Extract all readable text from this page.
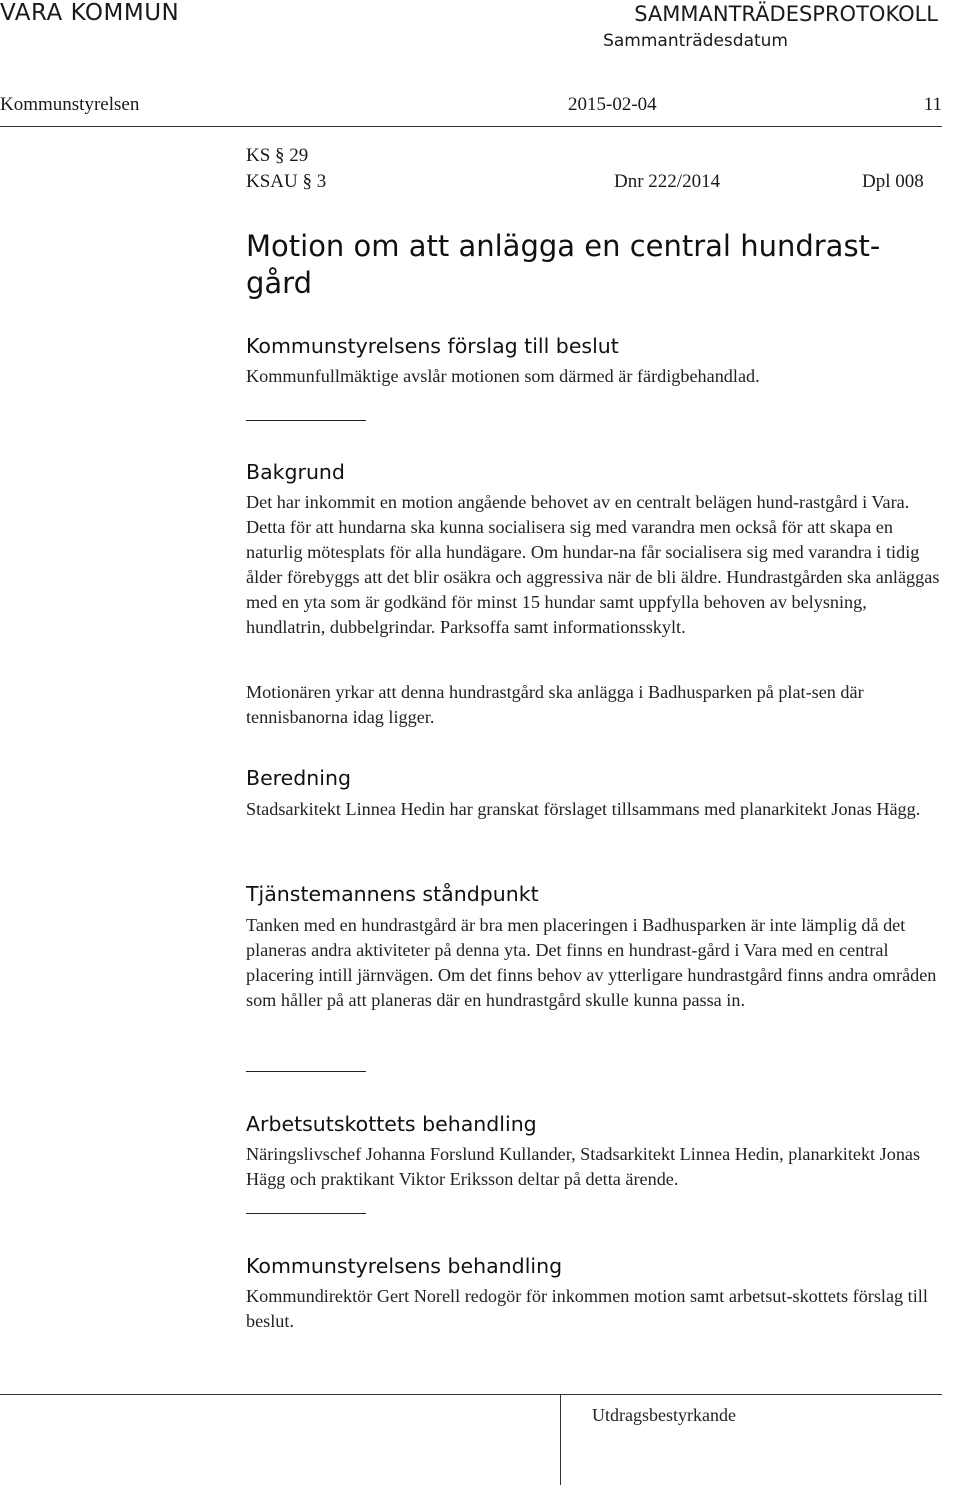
VARA KOMMUN	SAMMANTRÄDESPROTOKOLL
Sammanträdesdatum
Kommunstyrelsen	2015-02-04	11
KS § 29
KSAU § 3	Dnr 222/2014	Dpl 008
Motion om att anlägga en central hundrast-gård
Kommunstyrelsens förslag till beslut
Kommunfullmäktige avslår motionen som därmed är färdigbehandlad.
Bakgrund
Det har inkommit en motion angående behovet av en centralt belägen hund-rastgård i Vara. Detta för att hundarna ska kunna socialisera sig med varandra men också för att skapa en naturlig mötesplats för alla hundägare. Om hundar-na får socialisera sig med varandra i tidig ålder förebyggs att det blir osäkra och aggressiva när de bli äldre. Hundrastgården ska anläggas med en yta som är godkänd för minst 15 hundar samt uppfylla behoven av belysning, hundlatrin, dubbelgrindar. Parksoffa samt informationsskylt.
Motionären yrkar att denna hundrastgård ska anlägga i Badhusparken på plat-sen där tennisbanorna idag ligger.
Beredning
Stadsarkitekt Linnea Hedin har granskat förslaget tillsammans med planarkitekt Jonas Hägg.
Tjänstemannens ståndpunkt
Tanken med en hundrastgård är bra men placeringen i Badhusparken är inte lämplig då det planeras andra aktiviteter på denna yta. Det finns en hundrast-gård i Vara med en central placering intill järnvägen. Om det finns behov av ytterligare hundrastgård finns andra områden som håller på att planeras där en hundrastgård skulle kunna passa in.
Arbetsutskottets behandling
Näringslivschef Johanna Forslund Kullander, Stadsarkitekt Linnea Hedin, planarkitekt Jonas Hägg och praktikant Viktor Eriksson deltar på detta ärende.
Kommunstyrelsens behandling
Kommundirektör Gert Norell redogör för inkommen motion samt arbetsut-skottets förslag till beslut.
Utdragsbestyrkande
